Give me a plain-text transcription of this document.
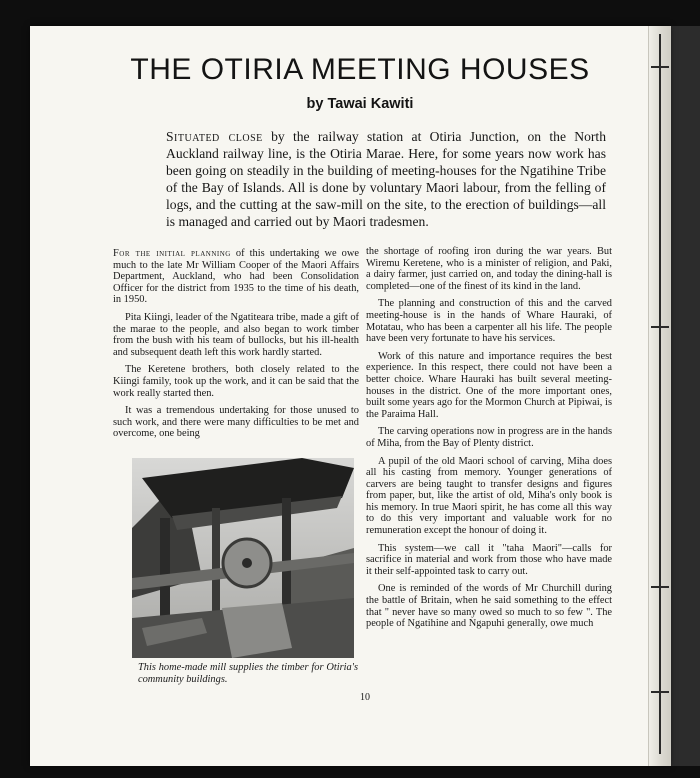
THE OTIRIA MEETING HOUSES
by Tawai Kawiti

Situated close by the railway station at Otiria Junction, on the North Auckland railway line, is the Otiria Marae. Here, for some years now work has been going on steadily in the building of meeting-houses for the Ngatihine Tribe of the Bay of Islands. All is done by voluntary Maori labour, from the felling of logs, and the cutting at the saw-mill on the site, to the erection of buildings—all is managed and carried out by Maori tradesmen.

For the initial planning of this undertaking we owe much to the late Mr William Cooper of the Maori Affairs Department, Auckland, who had been Consolidation Officer for the district from 1935 to the time of his death, in 1950.

Pita Kiingi, leader of the Ngatiteara tribe, made a gift of the marae to the people, and also began to work timber from the bush with his team of bullocks, but his ill-health and subsequent death left this work hardly started.

The Keretene brothers, both closely related to the Kiingi family, took up the work, and it can be said that the work really started then.

It was a tremendous undertaking for those unused to such work, and there were many difficulties to be met and overcome, one being

This home-made mill supplies the timber for Otiria's community buildings.

the shortage of roofing iron during the war years. But Wiremu Keretene, who is a minister of religion, and Paki, a dairy farmer, just carried on, and today the dining-hall is completed—one of the finest of its kind in the land.

The planning and construction of this and the carved meeting-house is in the hands of Whare Hauraki, of Motatau, who has been a carpenter all his life. The people have been very fortunate to have his services.

Work of this nature and importance requires the best experience. In this respect, there could not have been a better choice. Whare Hauraki has built several meeting-houses in the district. One of the more important ones, built some years ago for the Mormon Church at Pipiwai, is the Paraima Hall.

The carving operations now in progress are in the hands of Miha, from the Bay of Plenty district.

A pupil of the old Maori school of carving, Miha does all his casting from memory. Younger generations of carvers are being taught to transfer designs and figures from paper, but, like the artist of old, Miha's only book is his memory. In true Maori spirit, he has come all this way to do this very important and valuable work for no remuneration except the honour of doing it.

This system—we call it "taha Maori"—calls for sacrifice in material and work from those who have made it their self-appointed task to carry out.

One is reminded of the words of Mr Churchill during the battle of Britain, when he said something to the effect that " never have so many owed so much to so few ". The people of Ngatihine and Ngapuhi generally, owe much

10
